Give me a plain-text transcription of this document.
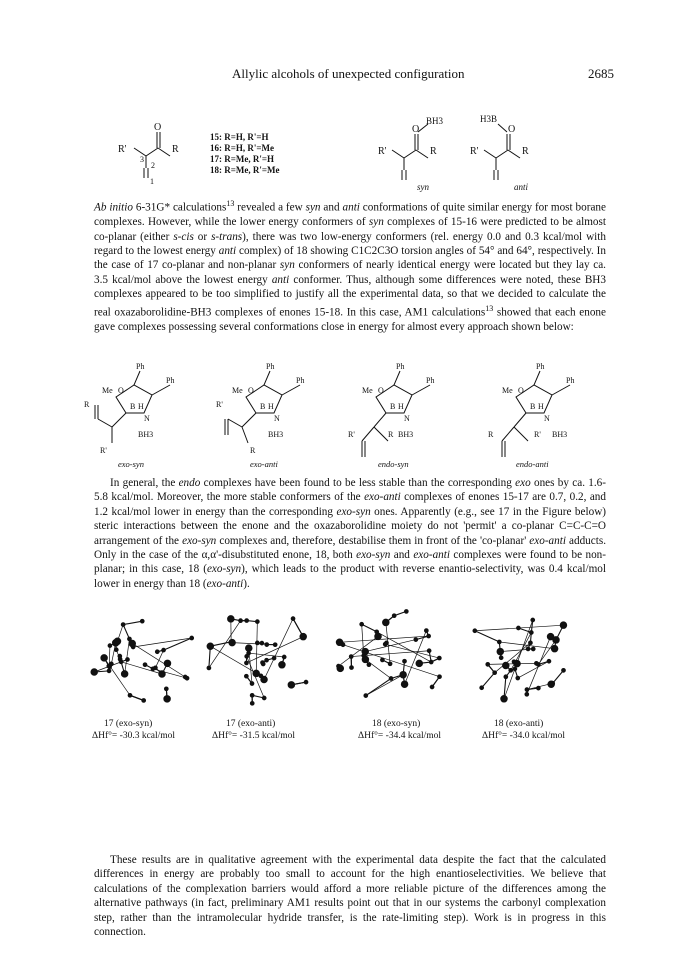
Allylic alcohols of unexpected configuration	2685
O
R'	R
3
2
1
15: R=H, R'=H
16: R=H, R'=Me
17: R=Me, R'=H
18: R=Me, R'=Me
O
BH3
R'	R
syn
O
H3B
R'	R
anti
Ab initio 6-31G* calculations$^{13}$ revealed a few syn and anti conformations of quite similar energy for most borane complexes. However, while the lower energy conformers of syn complexes of 15-16 were predicted to be almost co-planar (either s-cis or s-trans), there was two low-energy conformers (rel. energy 0.0 and 0.3 kcal/mol with regard to the lowest energy anti complex) of 18 showing C1C2C3O torsion angles of 54° and 64°, respectively. In the case of 17 co-planar and non-planar syn conformers of nearly identical energy were located but they lay ca. 3.5 kcal/mol above the lowest energy anti conformer. Thus, although some differences were noted, these BH3 complexes appeared to be too simplified to justify all the experimental data, so that we decided to calculate the real oxazaborolidine-BH3 complexes of enones 15-18. In this case, AM1 calculations$^{13}$ showed that each enone gave complexes possessing several conformations close in energy for almost every approach shown below:
Ph
Ph
Me O
B H
N
BH3
R
R'
Ph
Ph
Me O
B H
N
BH3
R'
R
Ph
Ph
Me O
B H
N
BH3
R'	R
Ph
Ph
Me O
B H
N
BH3
R	R'
exo-syn	exo-anti	endo-syn	endo-anti
In general, the endo complexes have been found to be less stable than the corresponding exo ones by ca. 1.6-5.8 kcal/mol. Moreover, the more stable conformers of the exo-anti complexes of enones 15-17 are 0.7, 0.2, and 1.2 kcal/mol lower in energy than the corresponding exo-syn ones. Apparently (e.g., see 17 in the Figure below) steric interactions between the enone and the oxazaborolidine moiety do not 'permit' a co-planar C=C-C=O arrangement of the exo-syn complexes and, therefore, destabilise them in front of the 'co-planar' exo-anti adducts. Only in the case of the α,α'-disubstituted enone, 18, both exo-syn and exo-anti complexes were found to be non-planar; in this case, 18 (exo-syn), which leads to the product with reverse enantio-selectivity, was 0.4 kcal/mol lower in energy than 18 (exo-anti).
17 (exo-syn)
ΔHf°= -30.3 kcal/mol
17 (exo-anti)
ΔHf°= -31.5 kcal/mol
18 (exo-syn)
ΔHf°= -34.4 kcal/mol
18 (exo-anti)
ΔHf°= -34.0 kcal/mol
These results are in qualitative agreement with the experimental data despite the fact that the calculated differences in energy are probably too small to account for the high enantioselectivities. We believe that calculations of the complexation barriers would afford a more reliable picture of the differences among the alternative pathways (in fact, preliminary AM1 results point out that in our systems the carbonyl complexation step, rather than the intramolecular hydride transfer, is the rate-limiting step). Work is in progress in this connection.
